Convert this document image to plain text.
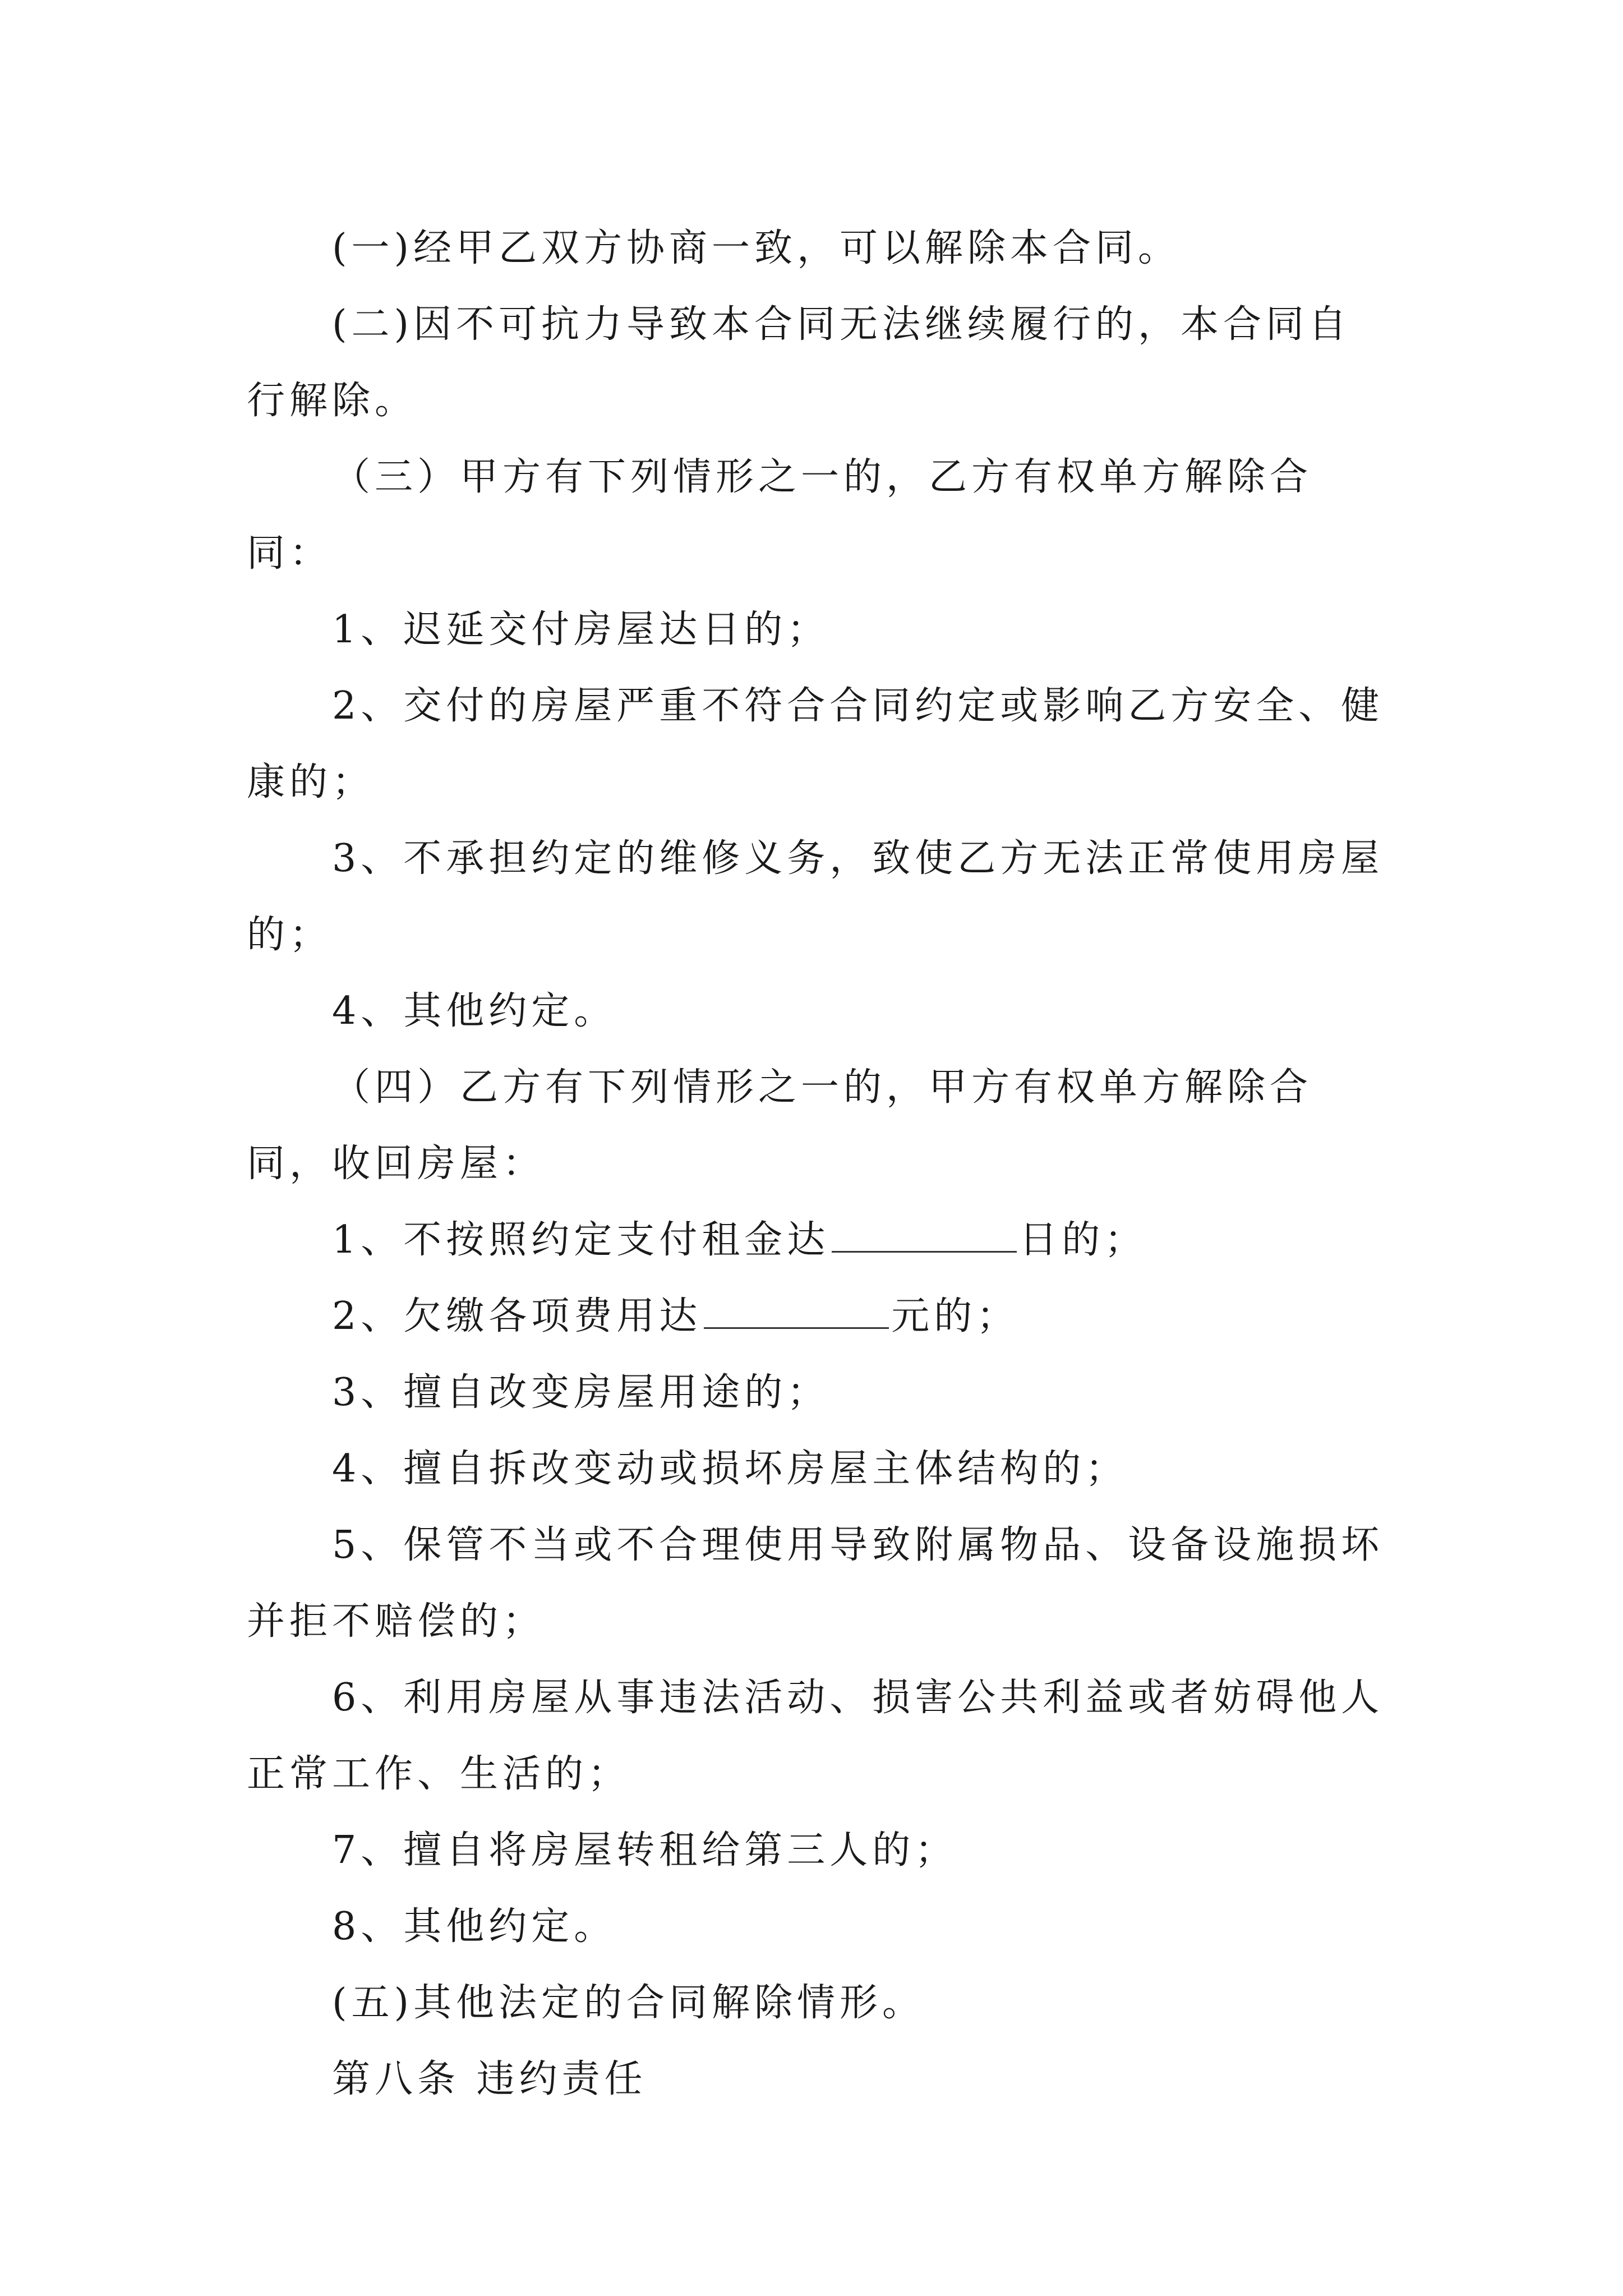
(一)经甲乙双方协商一致，可以解除本合同。

(二)因不可抗力导致本合同无法继续履行的，本合同自行解除。

（三）甲方有下列情形之一的，乙方有权单方解除合同：

1、迟延交付房屋达日的；

2、交付的房屋严重不符合合同约定或影响乙方安全、健康的；

3、不承担约定的维修义务，致使乙方无法正常使用房屋的；

4、其他约定。

（四）乙方有下列情形之一的，甲方有权单方解除合同，收回房屋：

1、不按照约定支付租金达	日的；

2、欠缴各项费用达	元的；

3、擅自改变房屋用途的；

4、擅自拆改变动或损坏房屋主体结构的；

5、保管不当或不合理使用导致附属物品、设备设施损坏并拒不赔偿的；

6、利用房屋从事违法活动、损害公共利益或者妨碍他人正常工作、生活的；

7、擅自将房屋转租给第三人的；

8、其他约定。

(五)其他法定的合同解除情形。

第八条 违约责任
